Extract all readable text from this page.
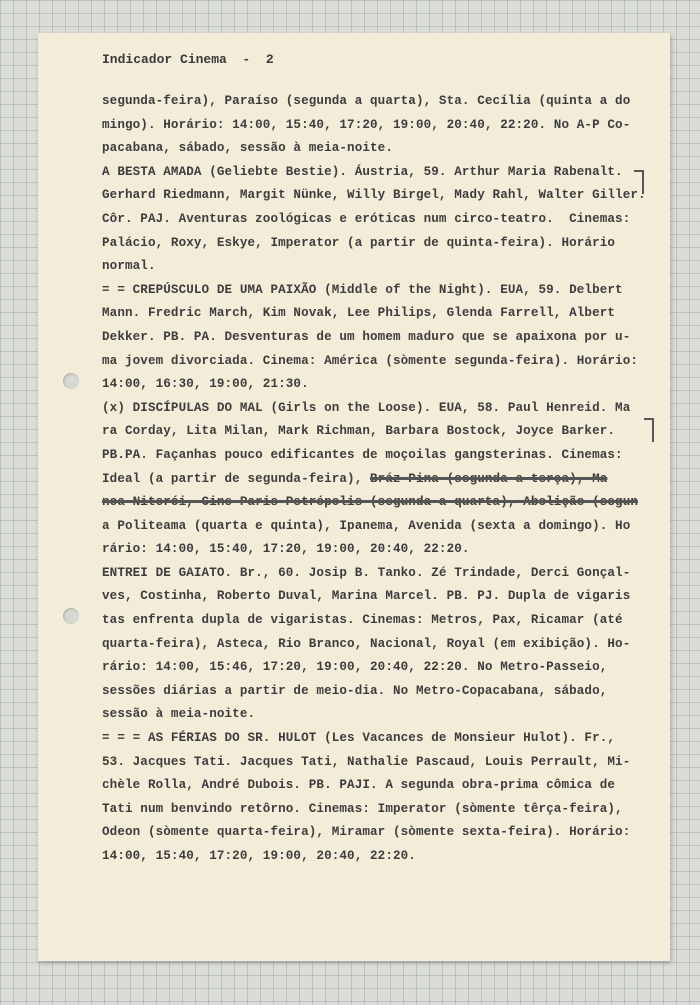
Indicador Cinema  -  2
segunda-feira), Paraíso (segunda a quarta), Sta. Cecília (quinta a do
mingo). Horário: 14:00, 15:40, 17:20, 19:00, 20:40, 22:20. No A-P Co-
pacabana, sábado, sessão à meia-noite.
A BESTA AMADA (Geliebte Bestie). Áustria, 59. Arthur Maria Rabenalt.
Gerhard Riedmann, Margit Nünke, Willy Birgel, Mady Rahl, Walter Giller.
Côr. PAJ. Aventuras zoológicas e eróticas num circo-teatro.  Cinemas:
Palácio, Roxy, Eskye, Imperator (a partir de quinta-feira). Horário
normal.
= = CREPÚSCULO DE UMA PAIXÃO (Middle of the Night). EUA, 59. Delbert
Mann. Fredric March, Kim Novak, Lee Philips, Glenda Farrell, Albert
Dekker. PB. PA. Desventuras de um homem maduro que se apaixona por u-
ma jovem divorciada. Cinema: América (sòmente segunda-feira). Horário:
14:00, 16:30, 19:00, 21:30.
(x) DISCÍPULAS DO MAL (Girls on the Loose). EUA, 58. Paul Henreid. Ma
ra Corday, Lita Milan, Mark Richman, Barbara Bostock, Joyce Barker.
PB.PA. Façanhas pouco edificantes de moçoilas gangsterinas. Cinemas:
Ideal (a partir de segunda-feira), Bráz Pina (segunda a terça), Ma
noa Niterói, Cine Paris Petrópolis (segunda a quarta), Abolição (segun
a Politeama (quarta e quinta), Ipanema, Avenida (sexta a domingo). Ho
rário: 14:00, 15:40, 17:20, 19:00, 20:40, 22:20.
ENTREI DE GAIATO. Br., 60. Josip B. Tanko. Zé Trindade, Derci Gonçal-
ves, Costinha, Roberto Duval, Marina Marcel. PB. PJ. Dupla de vigaris
tas enfrenta dupla de vigaristas. Cinemas: Metros, Pax, Ricamar (até
quarta-feira), Asteca, Rio Branco, Nacional, Royal (em exibição). Ho-
rário: 14:00, 15:46, 17:20, 19:00, 20:40, 22:20. No Metro-Passeio,
sessões diárias a partir de meio-dia. No Metro-Copacabana, sábado,
sessão à meia-noite.
= = = AS FÉRIAS DO SR. HULOT (Les Vacances de Monsieur Hulot). Fr.,
53. Jacques Tati. Jacques Tati, Nathalie Pascaud, Louis Perrault, Mi-
chèle Rolla, André Dubois. PB. PAJI. A segunda obra-prima cômica de
Tati num benvindo retôrno. Cinemas: Imperator (sòmente têrça-feira),
Odeon (sòmente quarta-feira), Miramar (sòmente sexta-feira). Horário:
14:00, 15:40, 17:20, 19:00, 20:40, 22:20.
